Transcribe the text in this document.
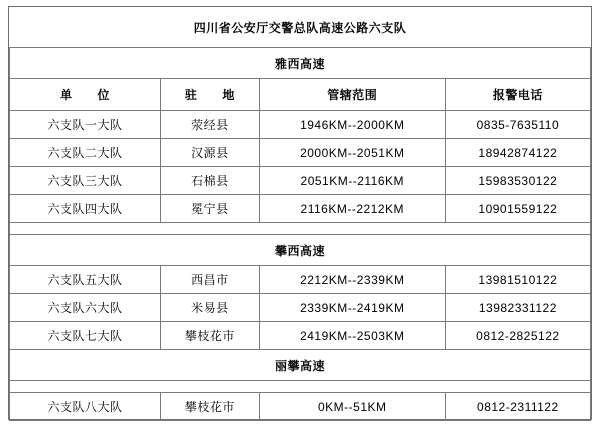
四川省公安厅交警总队高速公路六支队			
雅西高速			
单　　位	驻　　地	管辖范围	报警电话
六支队一大队	荥经县	1946KM--2000KM	0835-7635110
六支队二大队	汉源县	2000KM--2051KM	18942874122
六支队三大队	石棉县	2051KM--2116KM	15983530122
六支队四大队	冕宁县	2116KM--2212KM	10901559122

攀西高速			
六支队五大队	西昌市	2212KM--2339KM	13981510122
六支队六大队	米易县	2339KM--2419KM	13982331122
六支队七大队	攀枝花市	2419KM--2503KM	0812-2825122
丽攀高速			

六支队八大队	攀枝花市	0KM--51KM	0812-2311122
